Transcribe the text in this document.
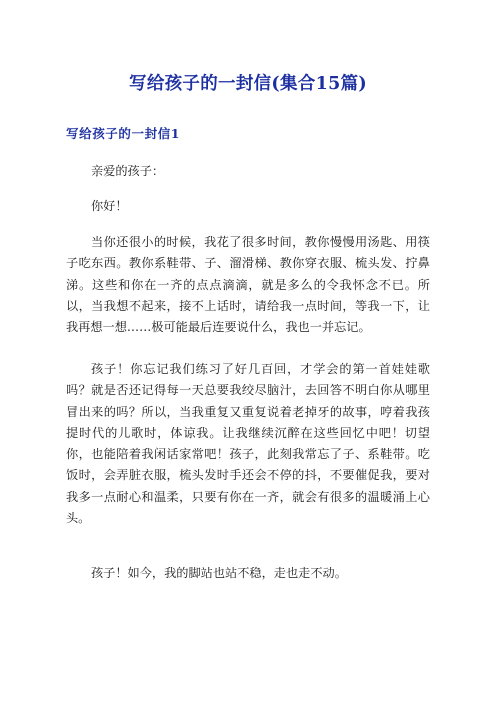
写给孩子的一封信(集合15篇)
写给孩子的一封信1

亲爱的孩子：

你好！

当你还很小的时候，我花了很多时间，教你慢慢用汤匙、用筷子吃东西。教你系鞋带、子、溜滑梯、教你穿衣服、梳头发、拧鼻涕。这些和你在一齐的点点滴滴，就是多么的令我怀念不已。所以，当我想不起来，接不上话时，请给我一点时间，等我一下，让我再想一想……极可能最后连要说什么，我也一并忘记。

孩子！你忘记我们练习了好几百回，才学会的第一首娃娃歌吗？就是否还记得每一天总要我绞尽脑汁，去回答不明白你从哪里冒出来的吗？所以，当我重复又重复说着老掉牙的故事，哼着我孩提时代的儿歌时，体谅我。让我继续沉醉在这些回忆中吧！切望你，也能陪着我闲话家常吧！孩子，此刻我常忘了子、系鞋带。吃饭时，会弄脏衣服，梳头发时手还会不停的抖，不要催促我，要对我多一点耐心和温柔，只要有你在一齐，就会有很多的温暖涌上心头。

孩子！如今，我的脚站也站不稳，走也走不动。
